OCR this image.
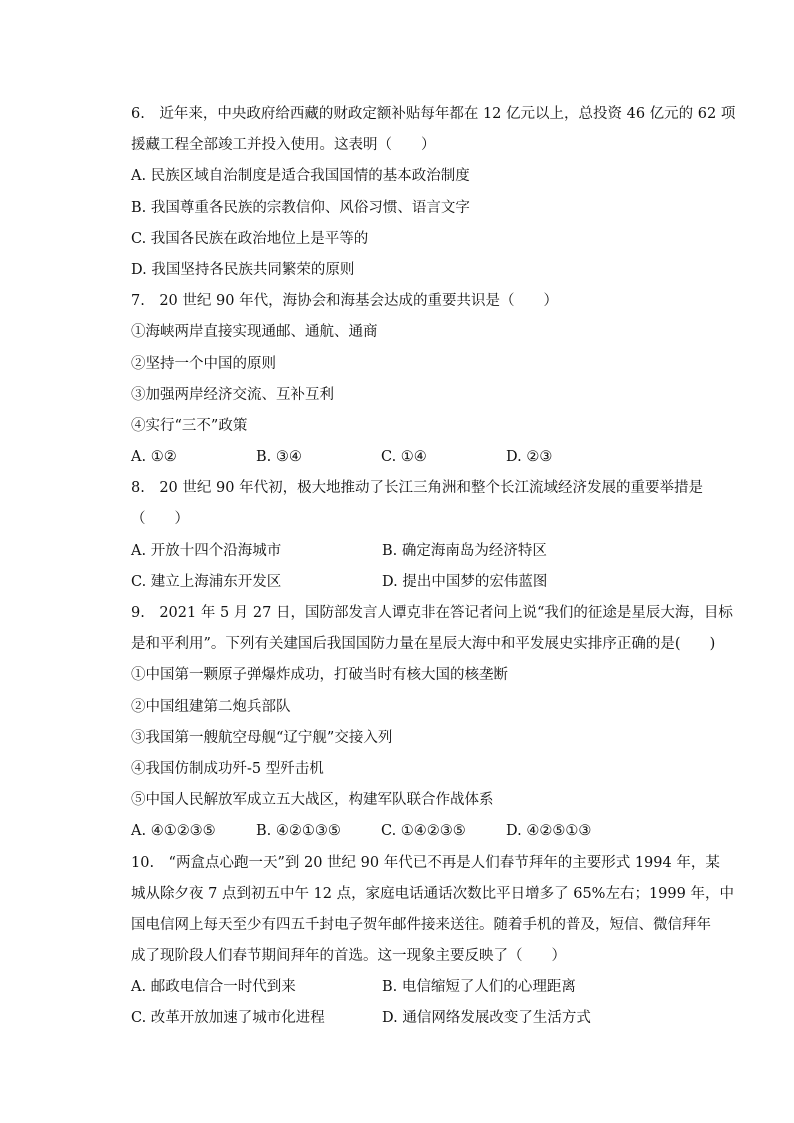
6.　近年来，中央政府给西藏的财政定额补贴每年都在 12 亿元以上，总投资 46 亿元的 62 项
援藏工程全部竣工并投入使用。这表明（　　）
A. 民族区域自治制度是适合我国国情的基本政治制度
B. 我国尊重各民族的宗教信仰、风俗习惯、语言文字
C. 我国各民族在政治地位上是平等的
D. 我国坚持各民族共同繁荣的原则
7.　20 世纪 90 年代，海协会和海基会达成的重要共识是（　　）
①海峡两岸直接实现通邮、通航、通商
②坚持一个中国的原则
③加强两岸经济交流、互补互利
④实行“三不”政策
A. ①②	B. ③④	C. ①④	D. ②③
8.　20 世纪 90 年代初，极大地推动了长江三角洲和整个长江流域经济发展的重要举措是
（　　）
A. 开放十四个沿海城市	B. 确定海南岛为经济特区
C. 建立上海浦东开发区	D. 提出中国梦的宏伟蓝图
9.　2021 年 5 月 27 日，国防部发言人谭克非在答记者问上说“我们的征途是星辰大海，目标
是和平利用”。下列有关建国后我国国防力量在星辰大海中和平发展史实排序正确的是(　　)
①中国第一颗原子弹爆炸成功，打破当时有核大国的核垄断
②中国组建第二炮兵部队
③我国第一艘航空母舰“辽宁舰”交接入列
④我国仿制成功歼-5 型歼击机
⑤中国人民解放军成立五大战区，构建军队联合作战体系
A. ④①②③⑤	B. ④②①③⑤	C. ①④②③⑤	D. ④②⑤①③
10.　“两盒点心跑一天”到 20 世纪 90 年代已不再是人们春节拜年的主要形式 1994 年，某
城从除夕夜 7 点到初五中午 12 点，家庭电话通话次数比平日增多了 65%左右；1999 年，中
国电信网上每天至少有四五千封电子贺年邮件接来送往。随着手机的普及，短信、微信拜年
成了现阶段人们春节期间拜年的首选。这一现象主要反映了（　　）
A. 邮政电信合一时代到来	B. 电信缩短了人们的心理距离
C. 改革开放加速了城市化进程	D. 通信网络发展改变了生活方式
